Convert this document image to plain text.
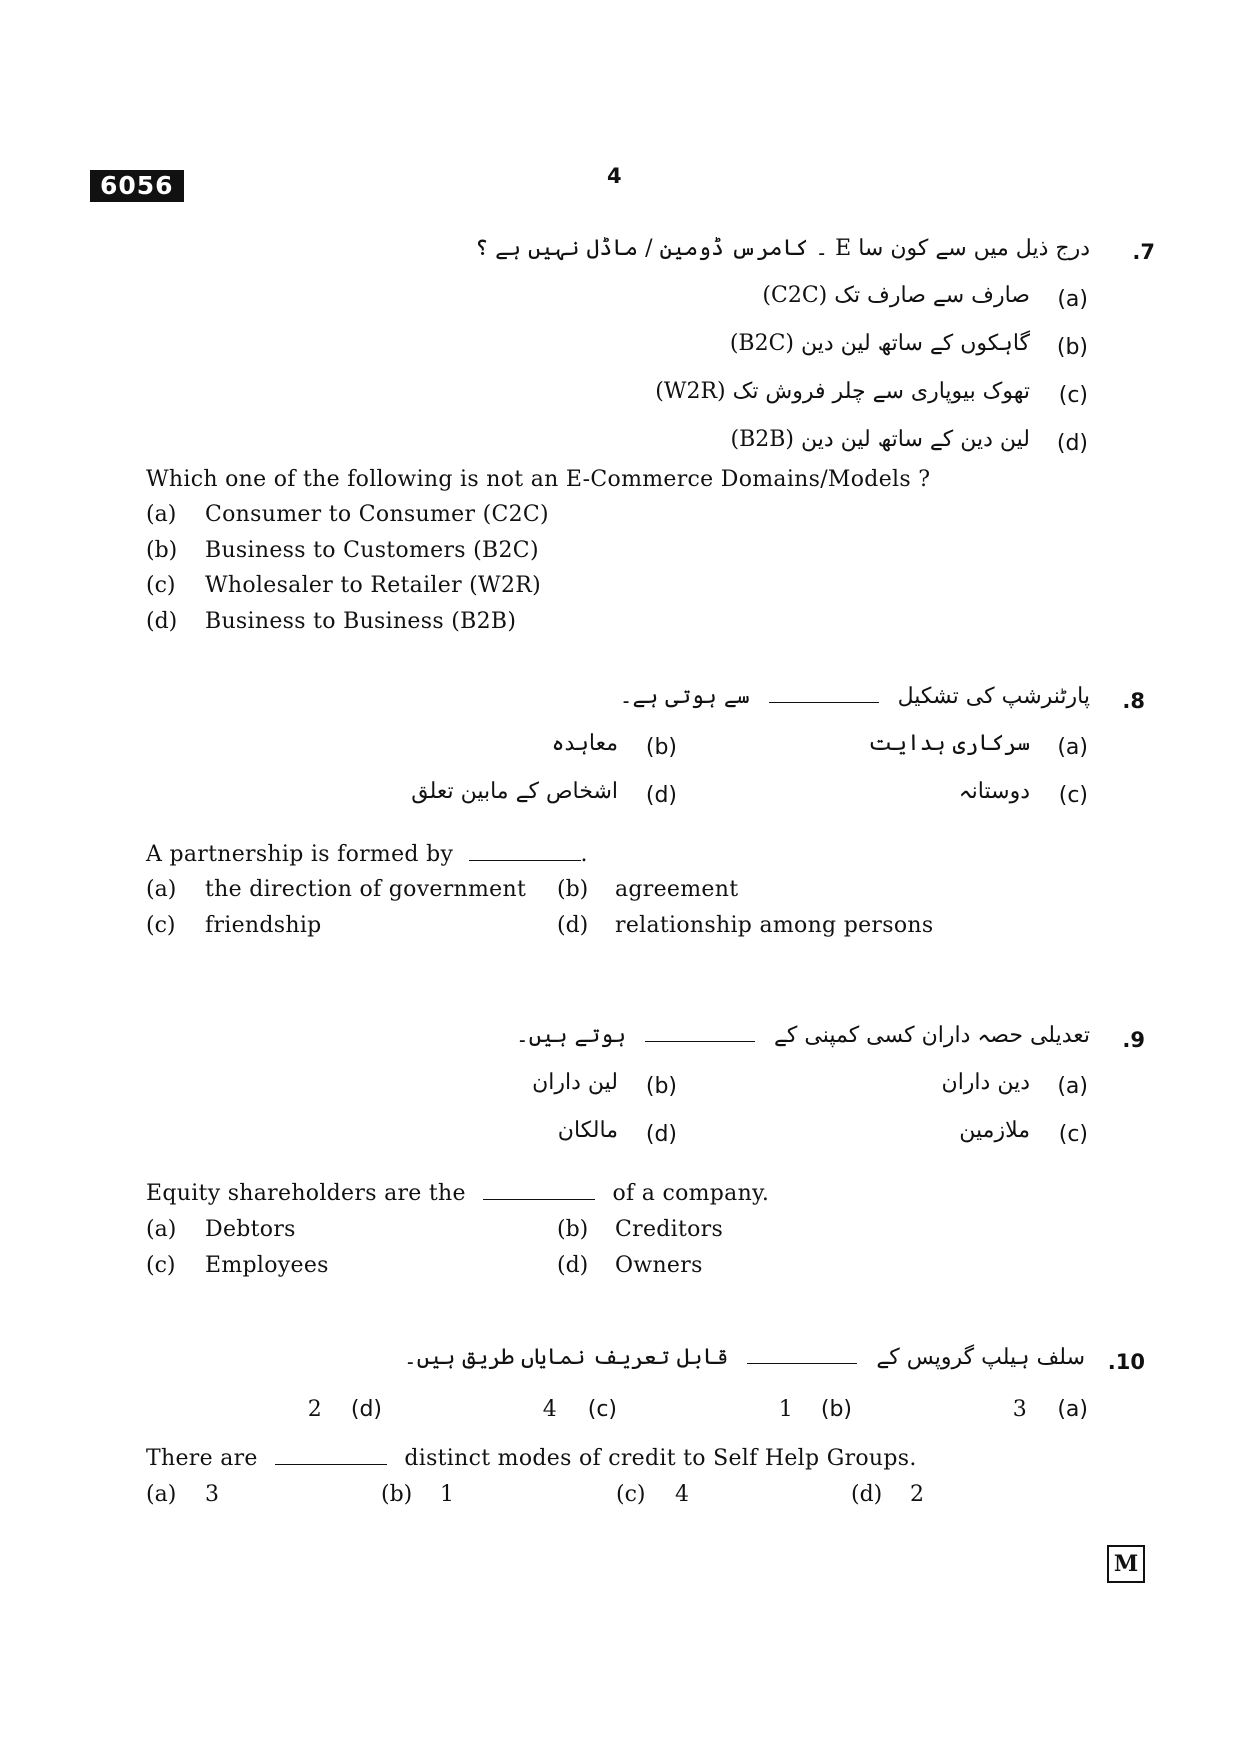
6056	4
.7
درج ذیل میں سے کون سا E ۔ کامرس ڈومین / ماڈل نہیں ہے ؟
(a)
صارف سے صارف تک (C2C)
(b)
گاہکوں کے ساتھ لین دین (B2C)
(c)
تھوک بیوپاری سے چلر فروش تک (W2R)
(d)
لین دین کے ساتھ لین دین (B2B)
Which one of the following is not an E-Commerce Domains/Models ?
(a) Consumer to Consumer (C2C)
(b) Business to Customers (B2C)
(c) Wholesaler to Retailer (W2R)
(d) Business to Business (B2B)
.8
پارٹنرشپ کی تشکیل  سے ہوتی ہے۔
(a)
سرکاری ہدایت
(b)
معاہدہ
(c)
دوستانہ
(d)
اشخاص کے مابین تعلق
A partnership is formed by	.
(a) the direction of government (b) agreement
(c) friendship	(d) relationship among persons
.9
تعدیلی حصہ داران کسی کمپنی کے  ہوتے ہیں۔
(a)
دین داران
(b)
لین داران
(c)
ملازمین
(d)
مالکان
Equity shareholders are the	of a company.
(a) Debtors	(b) Creditors
(c) Employees	(d) Owners
.10
سلف ہیلپ گروپس کے  قابل تعریف نمایاں طریق ہیں۔
(a)
3
(b)
1
(c)
4
(d)
2
There are	distinct modes of credit to Self Help Groups.
(a) 3	(b) 1	(c) 4	(d) 2
M
